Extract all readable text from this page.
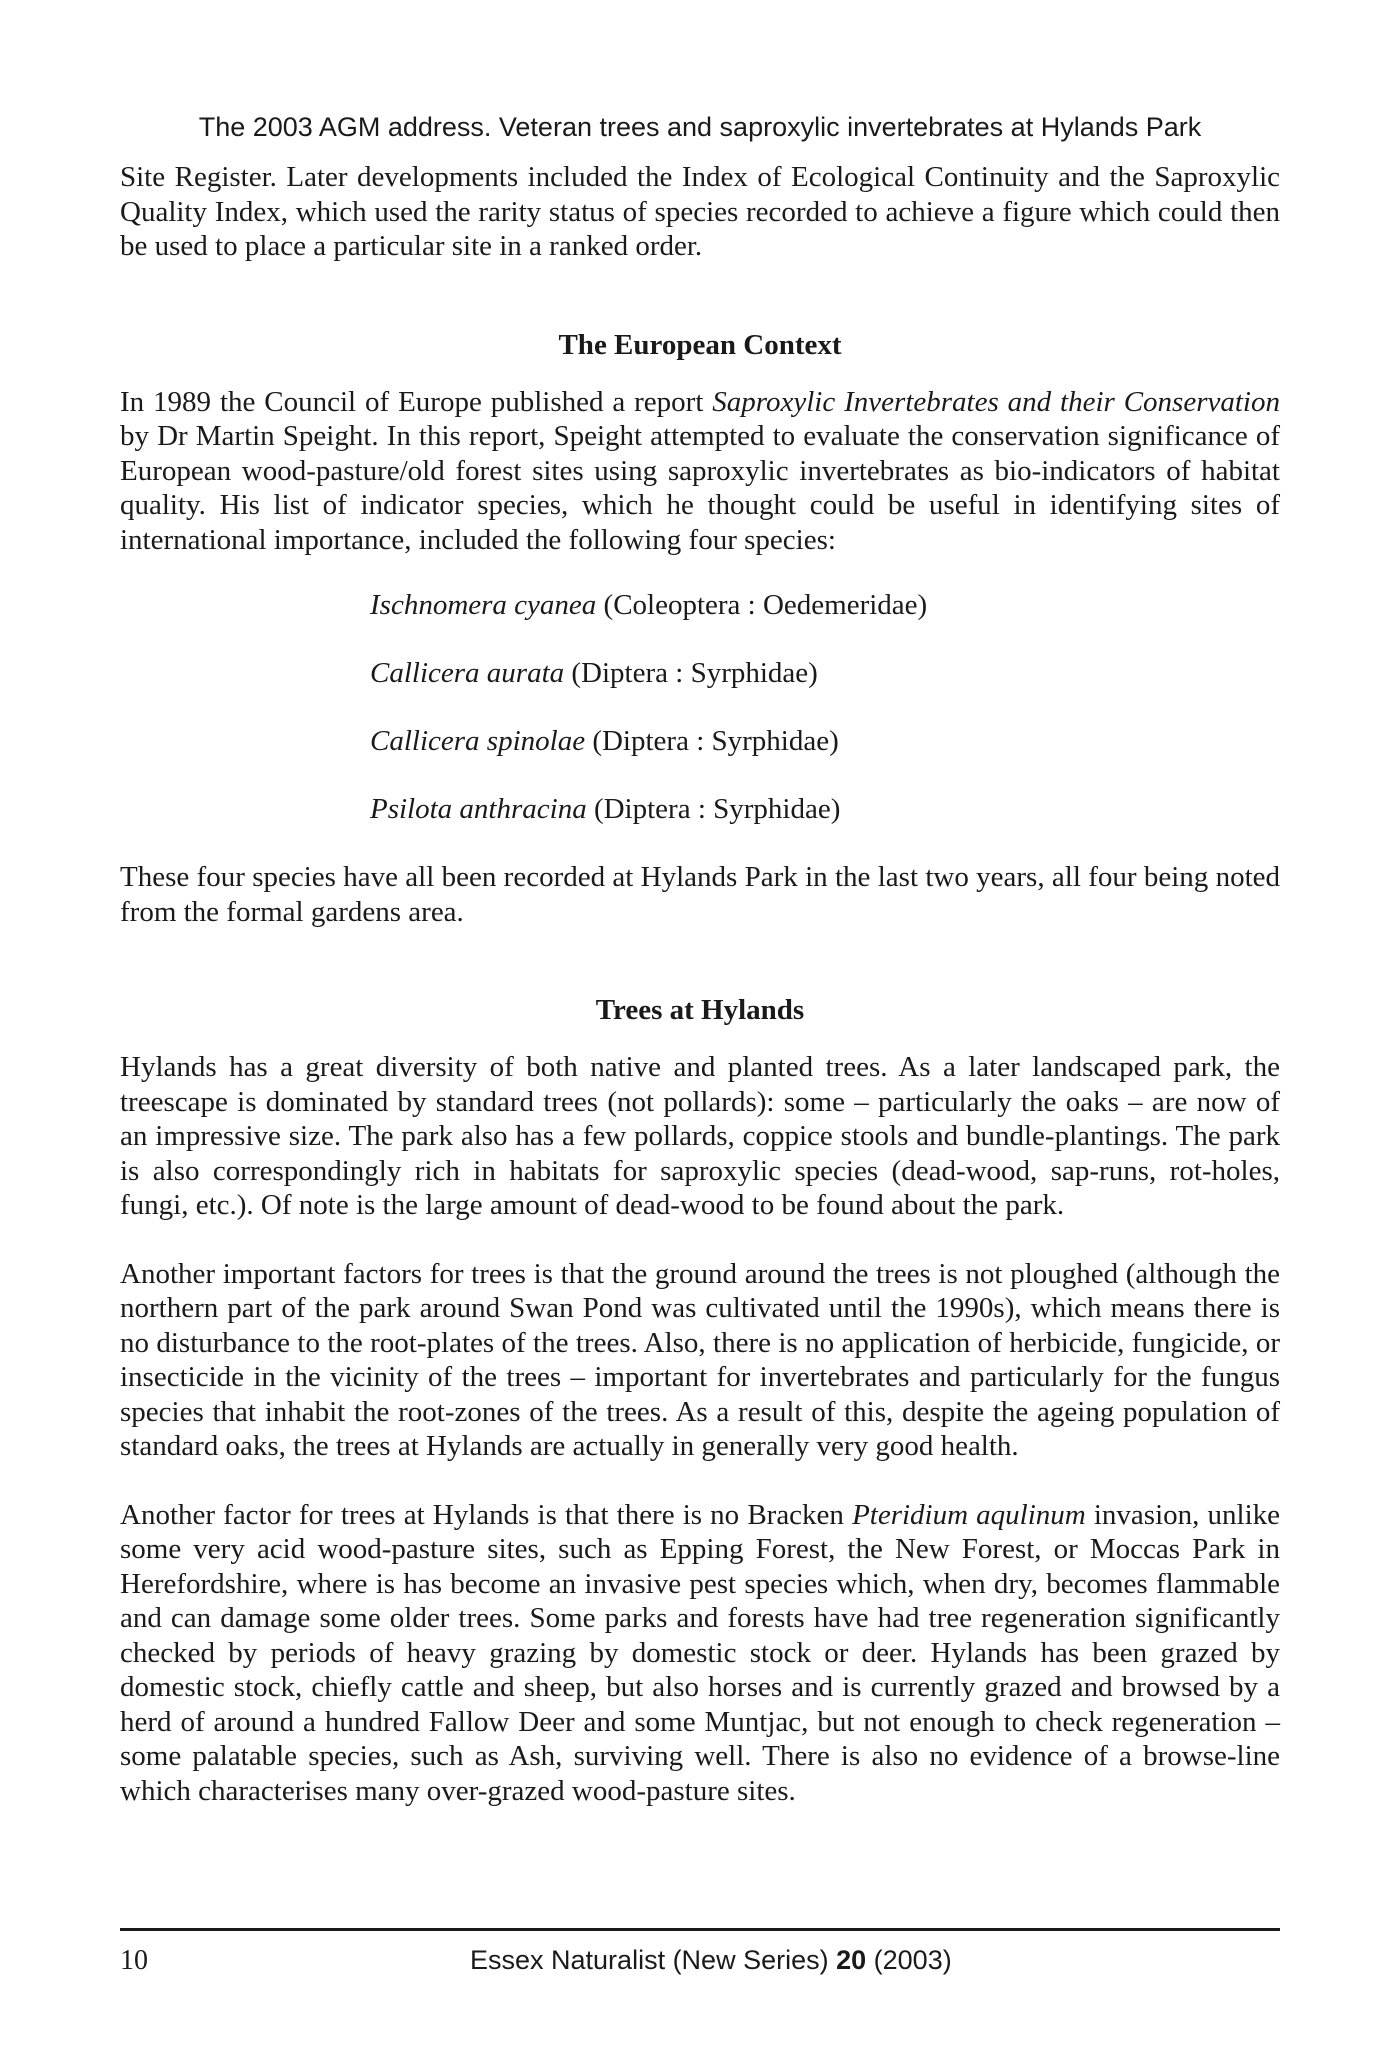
The 2003 AGM address. Veteran trees and saproxylic invertebrates at Hylands Park

Site Register. Later developments included the Index of Ecological Continuity and the Saproxylic Quality Index, which used the rarity status of species recorded to achieve a figure which could then be used to place a particular site in a ranked order.

The European Context

In 1989 the Council of Europe published a report Saproxylic Invertebrates and their Conservation by Dr Martin Speight. In this report, Speight attempted to evaluate the conservation significance of European wood-pasture/old forest sites using saproxylic invertebrates as bio-indicators of habitat quality. His list of indicator species, which he thought could be useful in identifying sites of international importance, included the following four species:

Ischnomera cyanea (Coleoptera : Oedemeridae)
Callicera aurata (Diptera : Syrphidae)
Callicera spinolae (Diptera : Syrphidae)
Psilota anthracina (Diptera : Syrphidae)

These four species have all been recorded at Hylands Park in the last two years, all four being noted from the formal gardens area.

Trees at Hylands

Hylands has a great diversity of both native and planted trees. As a later landscaped park, the treescape is dominated by standard trees (not pollards): some – particularly the oaks – are now of an impressive size. The park also has a few pollards, coppice stools and bundle-plantings. The park is also correspondingly rich in habitats for saproxylic species (dead-wood, sap-runs, rot-holes, fungi, etc.). Of note is the large amount of dead-wood to be found about the park.

Another important factors for trees is that the ground around the trees is not ploughed (although the northern part of the park around Swan Pond was cultivated until the 1990s), which means there is no disturbance to the root-plates of the trees. Also, there is no application of herbicide, fungicide, or insecticide in the vicinity of the trees – important for invertebrates and particularly for the fungus species that inhabit the root-zones of the trees. As a result of this, despite the ageing population of standard oaks, the trees at Hylands are actually in generally very good health.

Another factor for trees at Hylands is that there is no Bracken Pteridium aqulinum invasion, unlike some very acid wood-pasture sites, such as Epping Forest, the New Forest, or Moccas Park in Herefordshire, where is has become an invasive pest species which, when dry, becomes flammable and can damage some older trees. Some parks and forests have had tree regeneration significantly checked by periods of heavy grazing by domestic stock or deer. Hylands has been grazed by domestic stock, chiefly cattle and sheep, but also horses and is currently grazed and browsed by a herd of around a hundred Fallow Deer and some Muntjac, but not enough to check regeneration – some palatable species, such as Ash, surviving well. There is also no evidence of a browse-line which characterises many over-grazed wood-pasture sites.

10	Essex Naturalist (New Series) 20 (2003)
